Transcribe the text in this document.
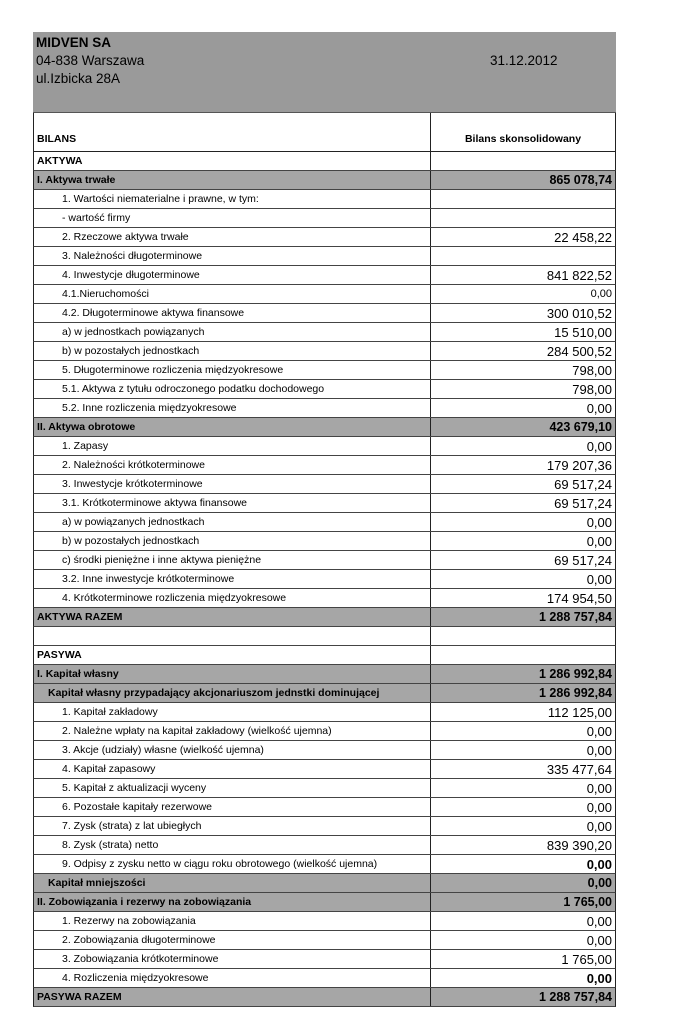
MIDVEN SA
04-838 Warszawa
ul.Izbicka 28A
31.12.2012
BILANS	Bilans skonsolidowany
AKTYWA
I. Aktywa trwałe	865 078,74
1. Wartości niematerialne i prawne, w tym:
- wartość firmy
2. Rzeczowe aktywa trwałe	22 458,22
3. Należności długoterminowe
4. Inwestycje długoterminowe	841 822,52
4.1.Nieruchomości	0,00
4.2. Długoterminowe aktywa finansowe	300 010,52
a) w jednostkach powiązanych	15 510,00
b) w pozostałych jednostkach	284 500,52
5. Długoterminowe rozliczenia międzyokresowe	798,00
5.1. Aktywa z tytułu odroczonego podatku dochodowego	798,00
5.2. Inne rozliczenia międzyokresowe	0,00
II. Aktywa obrotowe	423 679,10
1. Zapasy	0,00
2. Należności krótkoterminowe	179 207,36
3. Inwestycje krótkoterminowe	69 517,24
3.1. Krótkoterminowe aktywa finansowe	69 517,24
a) w powiązanych jednostkach	0,00
b) w pozostałych jednostkach	0,00
c) środki pieniężne i inne aktywa pieniężne	69 517,24
3.2. Inne inwestycje krótkoterminowe	0,00
4. Krótkoterminowe rozliczenia międzyokresowe	174 954,50
AKTYWA RAZEM	1 288 757,84
PASYWA
I. Kapitał własny	1 286 992,84
Kapitał własny przypadający akcjonariuszom jednstki dominującej	1 286 992,84
1. Kapitał zakładowy	112 125,00
2. Należne wpłaty na kapitał zakładowy (wielkość ujemna)	0,00
3. Akcje (udziały) własne (wielkość ujemna)	0,00
4. Kapitał zapasowy	335 477,64
5. Kapitał z aktualizacji wyceny	0,00
6. Pozostałe kapitały rezerwowe	0,00
7. Zysk (strata) z lat ubiegłych	0,00
8. Zysk (strata) netto	839 390,20
9. Odpisy z zysku netto w ciągu roku obrotowego (wielkość ujemna)	0,00
Kapitał mniejszości	0,00
II. Zobowiązania i rezerwy na zobowiązania	1 765,00
1. Rezerwy na zobowiązania	0,00
2. Zobowiązania długoterminowe	0,00
3. Zobowiązania krótkoterminowe	1 765,00
4. Rozliczenia międzyokresowe	0,00
PASYWA RAZEM	1 288 757,84
